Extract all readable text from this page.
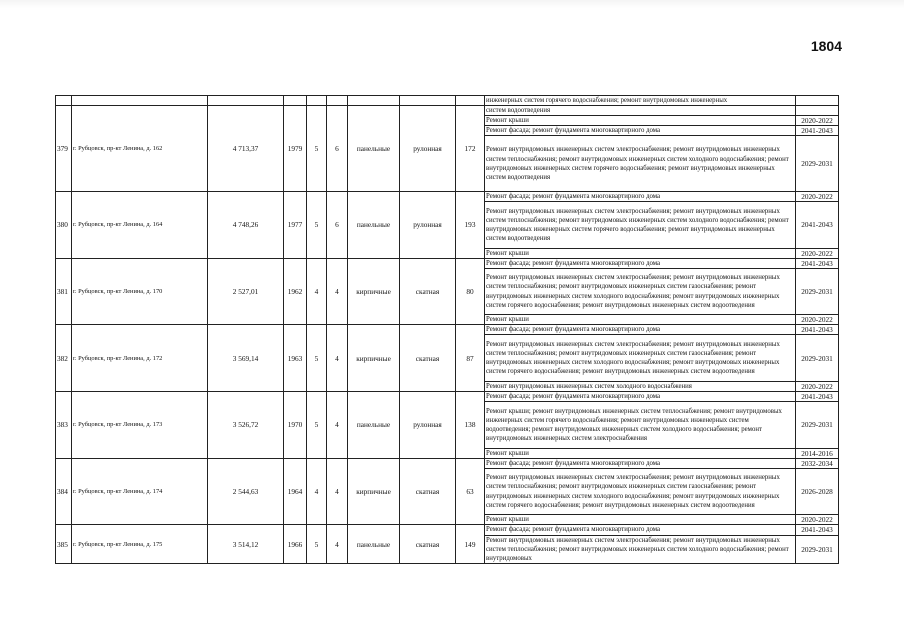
1804
									инженерных систем горячего водоснабжения; ремонт внутридомовых инженерных	
379	г. Рубцовск, пр-кт Ленина, д. 162	4 713,37	1979	5	6	панельные	рулонная	172	систем водоотведения	
									Ремонт крыши	2020-2022
									Ремонт фасада; ремонт фундамента многоквартирного дома	2041-2043
									Ремонт внутридомовых инженерных систем электроснабжения; ремонт внутридомовых инженерных систем теплоснабжения; ремонт внутридомовых инженерных систем холодного водоснабжения; ремонт внутридомовых инженерных систем горячего водоснабжения; ремонт внутридомовых инженерных систем водоотведения	2029-2031
380	г. Рубцовск, пр-кт Ленина, д. 164	4 748,26	1977	5	6	панельные	рулонная	193	Ремонт фасада; ремонт фундамента многоквартирного дома	2020-2022
									Ремонт внутридомовых инженерных систем электроснабжения; ремонт внутридомовых инженерных систем теплоснабжения; ремонт внутридомовых инженерных систем холодного водоснабжения; ремонт внутридомовых инженерных систем горячего водоснабжения; ремонт внутридомовых инженерных систем водоотведения	2041-2043
									Ремонт крыши	2020-2022
381	г. Рубцовск, пр-кт Ленина, д. 170	2 527,01	1962	4	4	кирпичные	скатная	80	Ремонт фасада; ремонт фундамента многоквартирного дома	2041-2043
									Ремонт внутридомовых инженерных систем электроснабжения; ремонт внутридомовых инженерных систем теплоснабжения; ремонт внутридомовых инженерных систем газоснабжения; ремонт внутридомовых инженерных систем холодного водоснабжения; ремонт внутридомовых инженерных систем горячего водоснабжения; ремонт внутридомовых инженерных систем водоотведения	2029-2031
									Ремонт крыши	2020-2022
382	г. Рубцовск, пр-кт Ленина, д. 172	3 569,14	1963	5	4	кирпичные	скатная	87	Ремонт фасада; ремонт фундамента многоквартирного дома	2041-2043
									Ремонт внутридомовых инженерных систем электроснабжения; ремонт внутридомовых инженерных систем теплоснабжения; ремонт внутридомовых инженерных систем газоснабжения; ремонт внутридомовых инженерных систем холодного водоснабжения; ремонт внутридомовых инженерных систем горячего водоснабжения; ремонт внутридомовых инженерных систем водоотведения	2029-2031
									Ремонт внутридомовых инженерных систем холодного водоснабжения	2020-2022
383	г. Рубцовск, пр-кт Ленина, д. 173	3 526,72	1970	5	4	панельные	рулонная	138	Ремонт фасада; ремонт фундамента многоквартирного дома	2041-2043
									Ремонт крыши; ремонт внутридомовых инженерных систем теплоснабжения; ремонт внутридомовых инженерных систем горячего водоснабжения; ремонт внутридомовых инженерных систем водоотведения; ремонт внутридомовых инженерных систем холодного водоснабжения; ремонт внутридомовых инженерных систем электроснабжения	2029-2031
									Ремонт крыши	2014-2016
384	г. Рубцовск, пр-кт Ленина, д. 174	2 544,63	1964	4	4	кирпичные	скатная	63	Ремонт фасада; ремонт фундамента многоквартирного дома	2032-2034
									Ремонт внутридомовых инженерных систем электроснабжения; ремонт внутридомовых инженерных систем теплоснабжения; ремонт внутридомовых инженерных систем газоснабжения; ремонт внутридомовых инженерных систем холодного водоснабжения; ремонт внутридомовых инженерных систем горячего водоснабжения; ремонт внутридомовых инженерных систем водоотведения	2026-2028
									Ремонт крыши	2020-2022
385	г. Рубцовск, пр-кт Ленина, д. 175	3 514,12	1966	5	4	панельные	скатная	149	Ремонт фасада; ремонт фундамента многоквартирного дома	2041-2043
									Ремонт внутридомовых инженерных систем электроснабжения; ремонт внутридомовых инженерных систем теплоснабжения; ремонт внутридомовых инженерных систем холодного водоснабжения; ремонт внутридомовых	2029-2031
